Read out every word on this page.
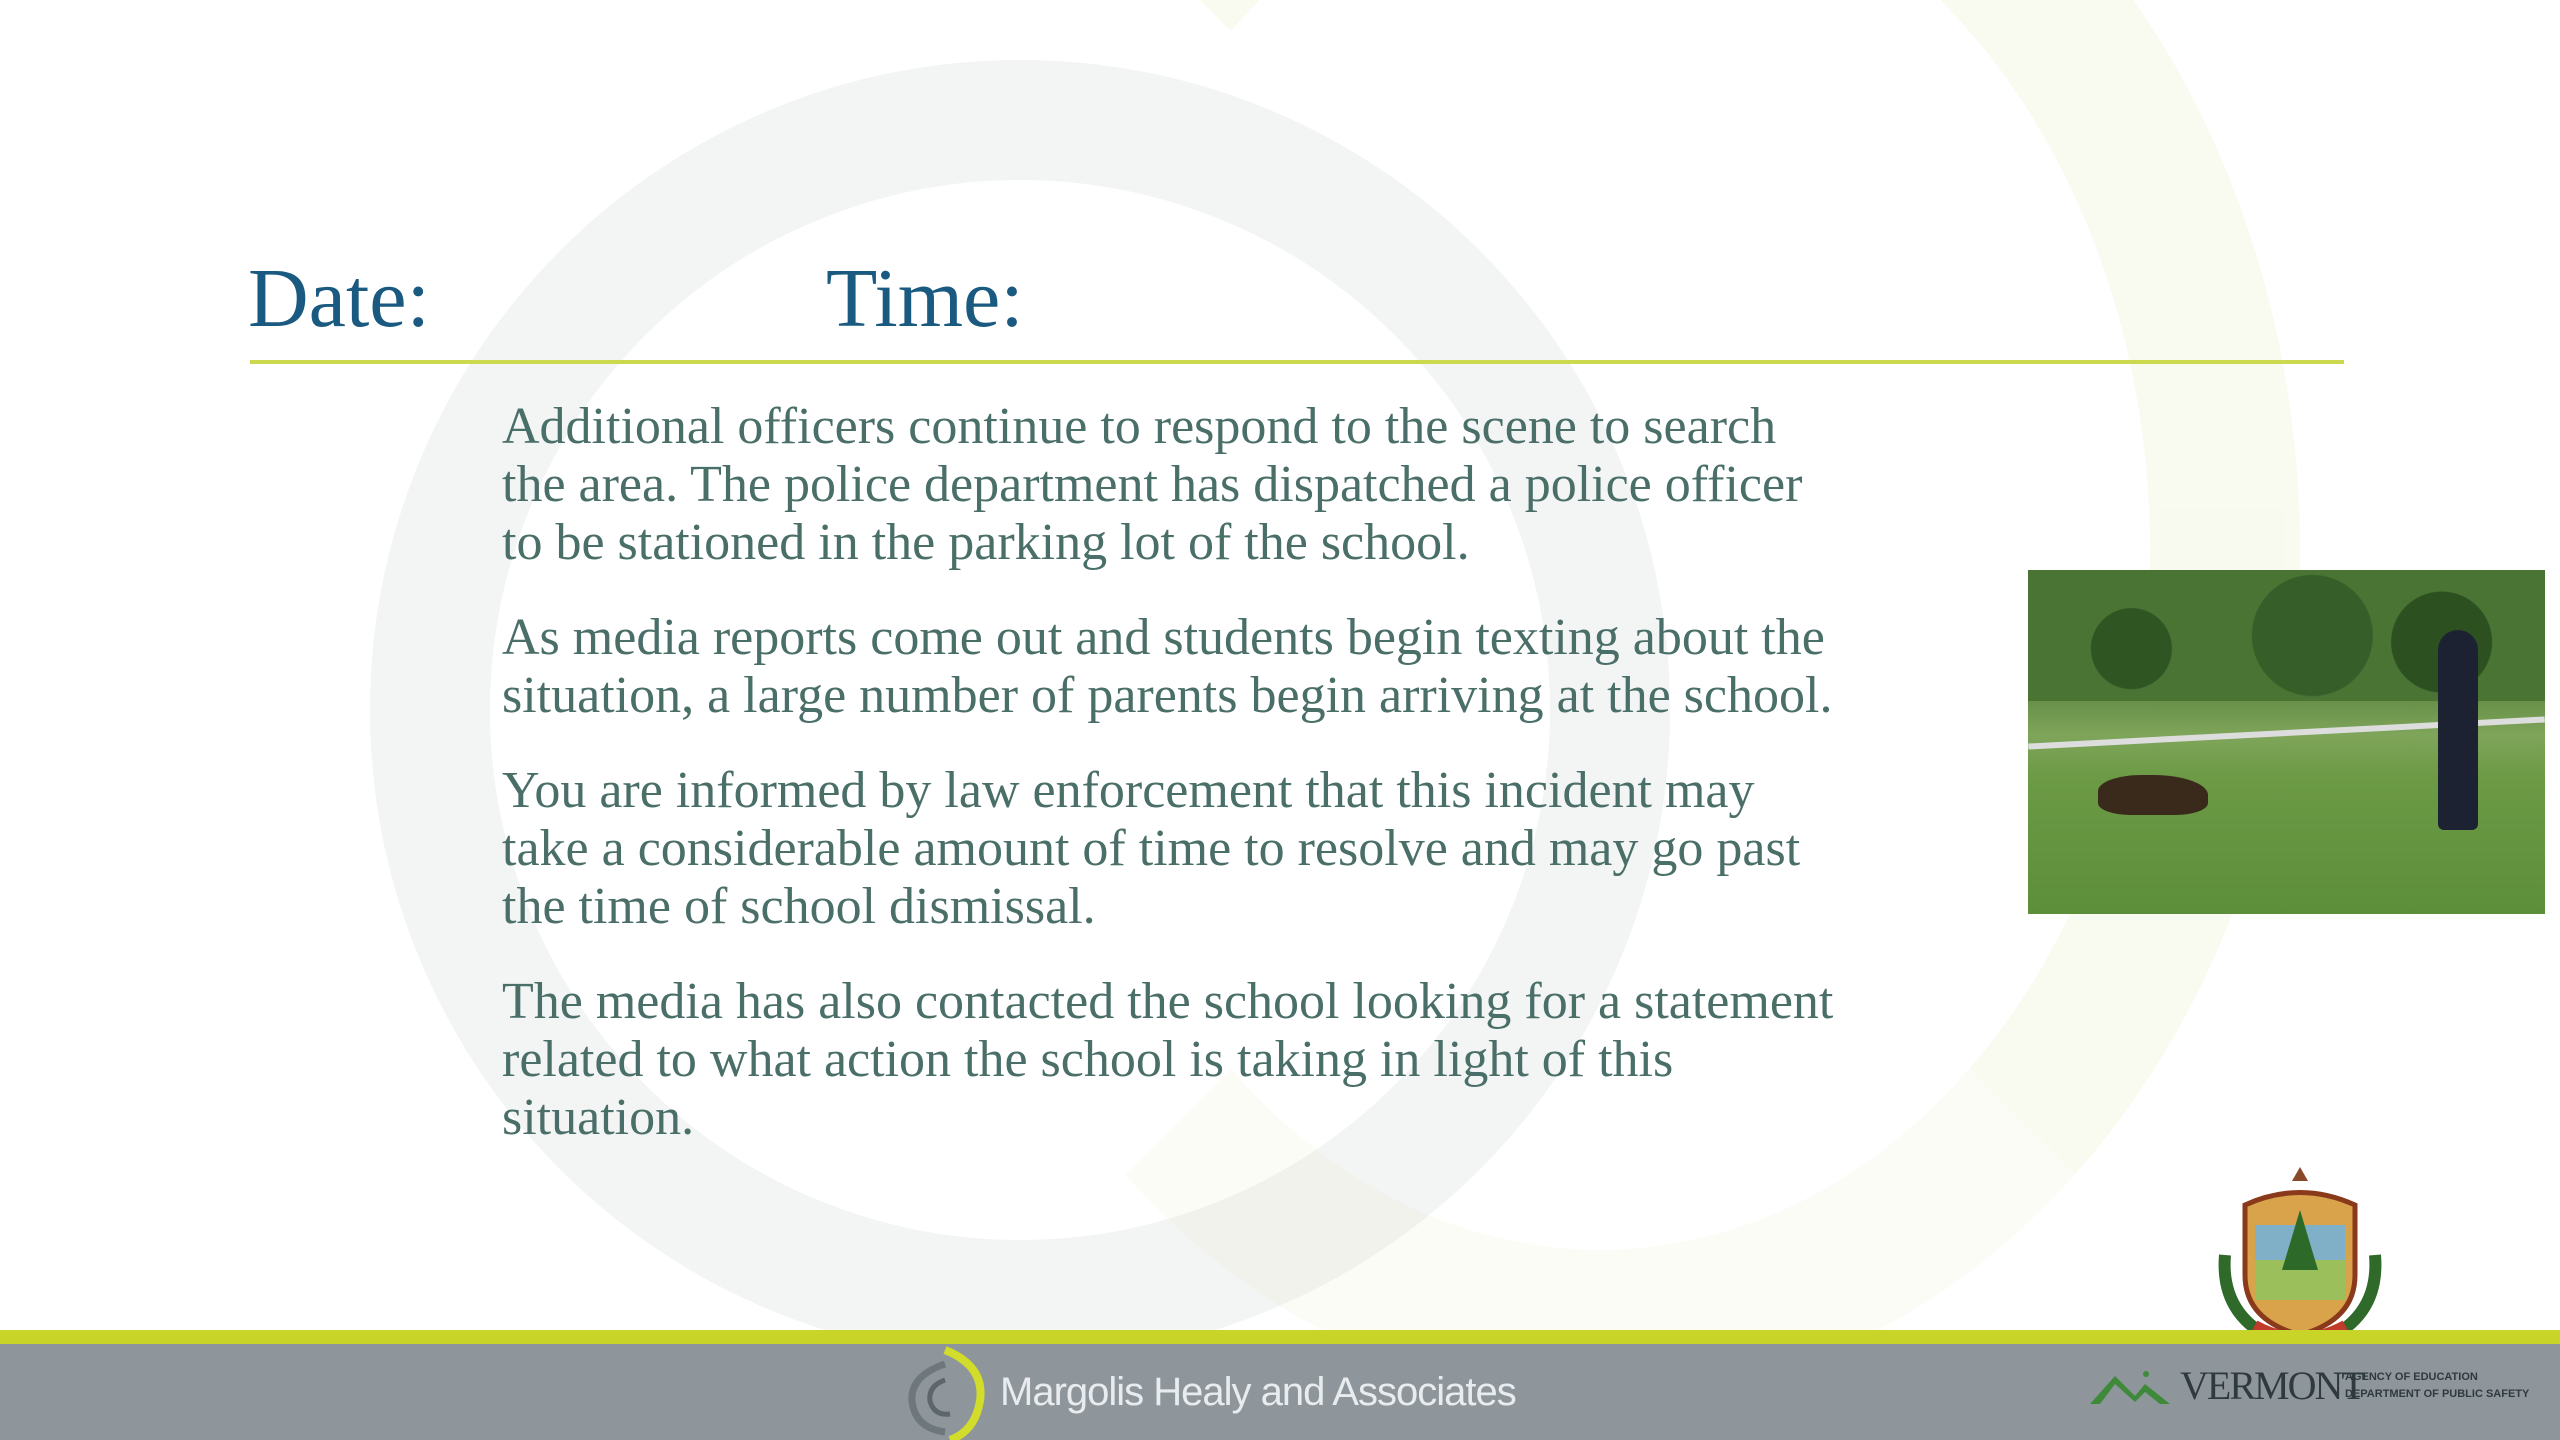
Date:	Time:

Additional officers continue to respond to the scene to search
the area. The police department has dispatched a police officer
to be stationed in the parking lot of the school.

As media reports come out and students begin texting about the
situation, a large number of parents begin arriving at the school.

You are informed by law enforcement that this incident may
take a considerable amount of time to resolve and may go past
the time of school dismissal.

The media has also contacted the school looking for a statement
related to what action the school is taking in light of this
situation.

Margolis Healy and Associates	VERMONT
AGENCY OF EDUCATION
DEPARTMENT OF PUBLIC SAFETY
